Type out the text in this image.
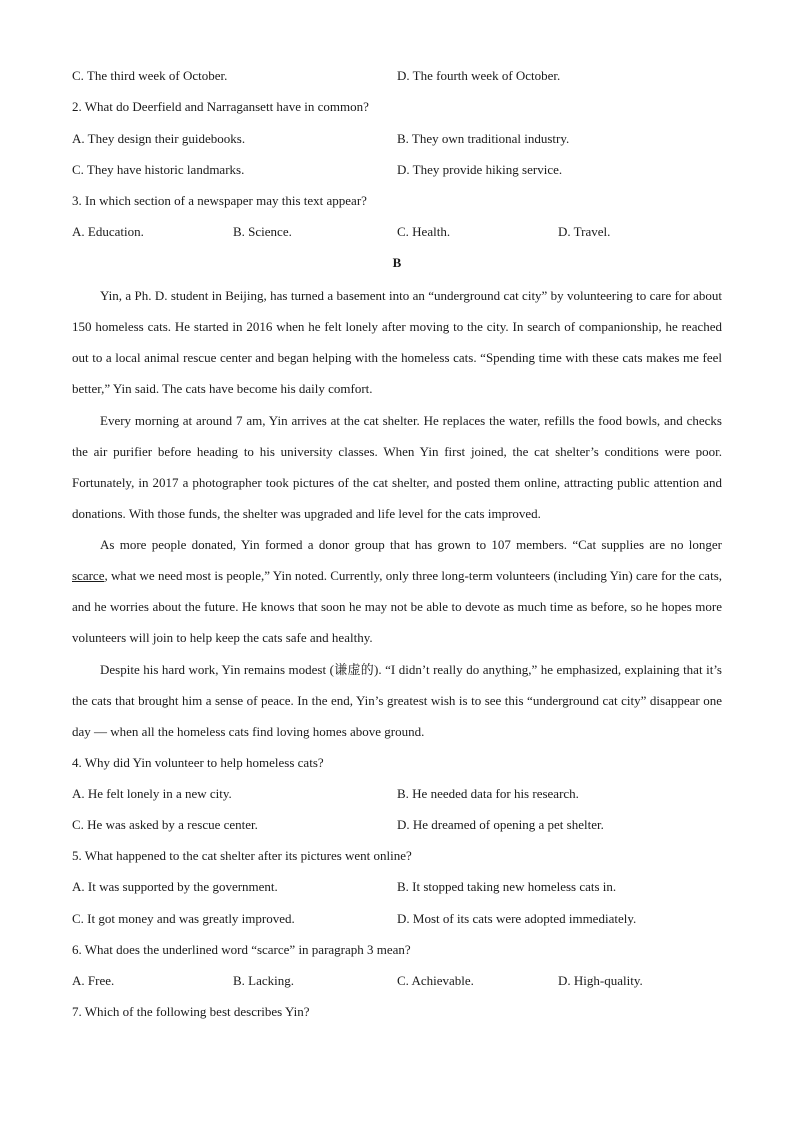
C. The third week of October.	D. The fourth week of October.
2. What do Deerfield and Narragansett have in common?
A. They design their guidebooks.	B. They own traditional industry.
C. They have historic landmarks.	D. They provide hiking service.
3. In which section of a newspaper may this text appear?
A. Education.	B. Science.	C. Health.	D. Travel.
B
Yin, a Ph. D. student in Beijing, has turned a basement into an “underground cat city” by volunteering to care for about 150 homeless cats. He started in 2016 when he felt lonely after moving to the city. In search of companionship, he reached out to a local animal rescue center and began helping with the homeless cats. “Spending time with these cats makes me feel better,” Yin said. The cats have become his daily comfort.
Every morning at around 7 am, Yin arrives at the cat shelter. He replaces the water, refills the food bowls, and checks the air purifier before heading to his university classes. When Yin first joined, the cat shelter’s conditions were poor. Fortunately, in 2017 a photographer took pictures of the cat shelter, and posted them online, attracting public attention and donations. With those funds, the shelter was upgraded and life level for the cats improved.
As more people donated, Yin formed a donor group that has grown to 107 members. “Cat supplies are no longer scarce, what we need most is people,” Yin noted. Currently, only three long-term volunteers (including Yin) care for the cats, and he worries about the future. He knows that soon he may not be able to devote as much time as before, so he hopes more volunteers will join to help keep the cats safe and healthy.
Despite his hard work, Yin remains modest (谦虚的). “I didn’t really do anything,” he emphasized, explaining that it’s the cats that brought him a sense of peace. In the end, Yin’s greatest wish is to see this “underground cat city” disappear one day — when all the homeless cats find loving homes above ground.
4. Why did Yin volunteer to help homeless cats?
A. He felt lonely in a new city.	B. He needed data for his research.
C. He was asked by a rescue center.	D. He dreamed of opening a pet shelter.
5. What happened to the cat shelter after its pictures went online?
A. It was supported by the government.	B. It stopped taking new homeless cats in.
C. It got money and was greatly improved.	D. Most of its cats were adopted immediately.
6. What does the underlined word “scarce” in paragraph 3 mean?
A. Free.	B. Lacking.	C. Achievable.	D. High-quality.
7. Which of the following best describes Yin?
